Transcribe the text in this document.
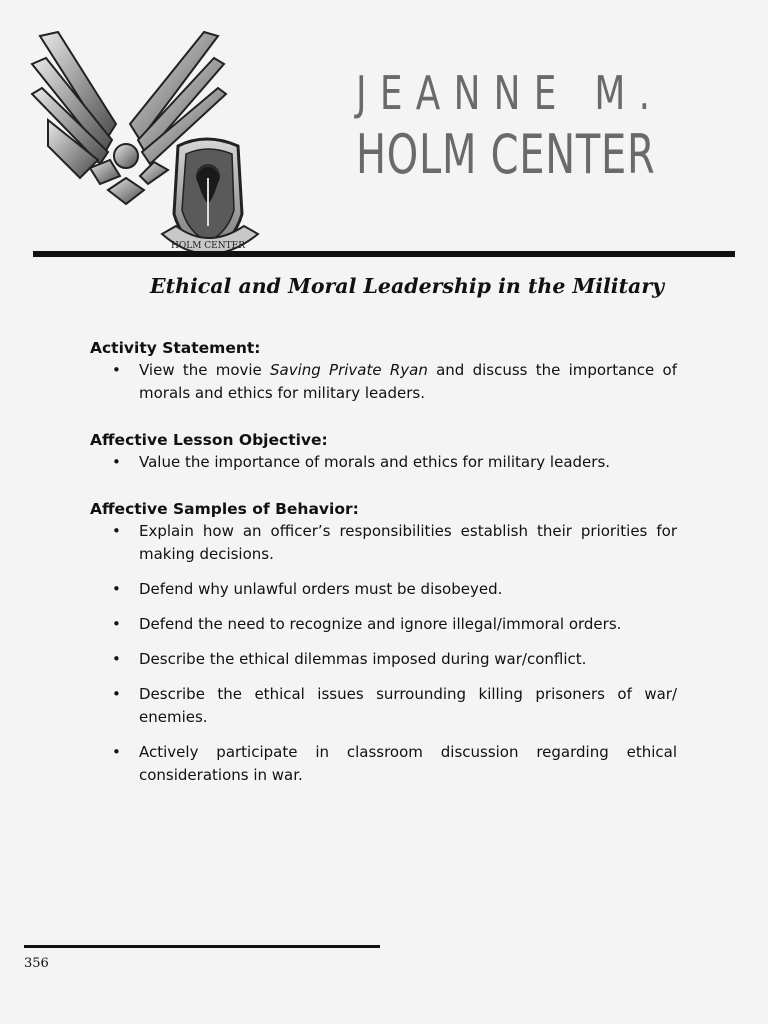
HOLM CENTER
JEANNE M.
HOLM CENTER
Ethical and Moral Leadership in the Military

Activity Statement:

• View the movie Saving Private Ryan and discuss the importance of morals and ethics for military leaders.

Affective Lesson Objective:

• Value the importance of morals and ethics for military leaders.

Affective Samples of Behavior:

• Explain how an officer’s responsibilities establish their priorities for making decisions.
• Defend why unlawful orders must be disobeyed.
• Defend the need to recognize and ignore illegal/immoral orders.
• Describe the ethical dilemmas imposed during war/conflict.
• Describe the ethical issues surrounding killing prisoners of war/ enemies.
• Actively participate in classroom discussion regarding ethical considerations in war.
356
